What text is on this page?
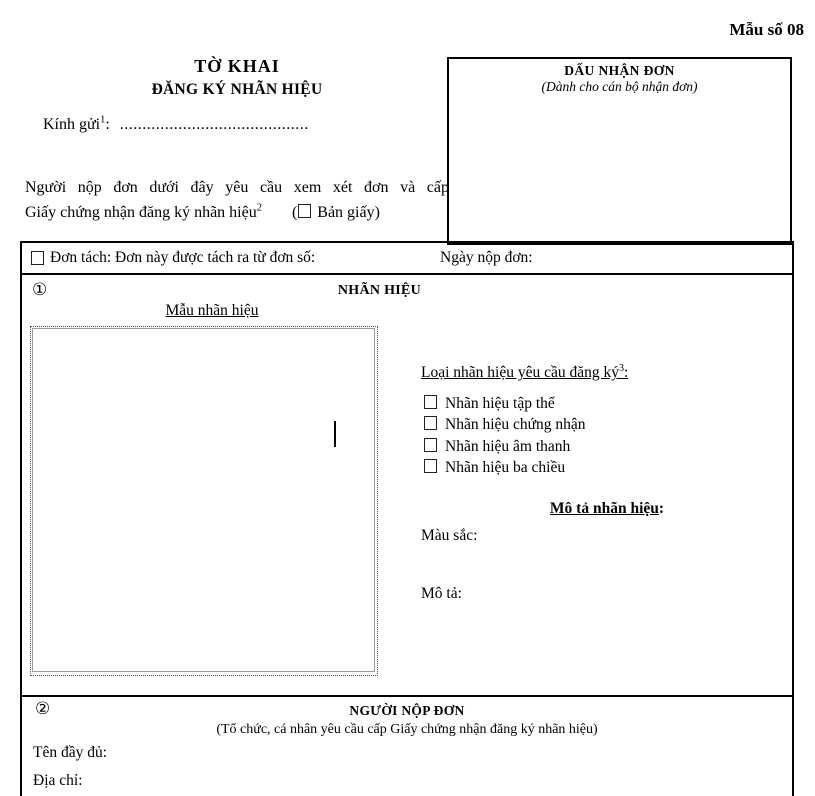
Mẫu số 08
TỜ KHAI
ĐĂNG KÝ NHÃN HIỆU
Kính gửi$^1$: ..........................................
Người nộp đơn dưới đây yêu cầu xem xét đơn và cấp
Giấy chứng nhận đăng ký nhãn hiệu$^2$ ( Bản giấy)
DẤU NHẬN ĐƠN
(Dành cho cán bộ nhận đơn)
Đơn tách: Đơn này được tách ra từ đơn số:	Ngày nộp đơn:
①	NHÃN HIỆU
Mẫu nhãn hiệu
Loại nhãn hiệu yêu cầu đăng $ký^3$:
Nhãn hiệu tập thể
Nhãn hiệu chứng nhận
Nhãn hiệu âm thanh
Nhãn hiệu ba chiều
Mô tả nhãn hiệu:
Màu sắc:
Mô tả:
②	NGƯỜI NỘP ĐƠN
(Tổ chức, cá nhân yêu cầu cấp Giấy chứng nhận đăng ký nhãn hiệu)
Tên đầy đủ:
Địa chỉ:
